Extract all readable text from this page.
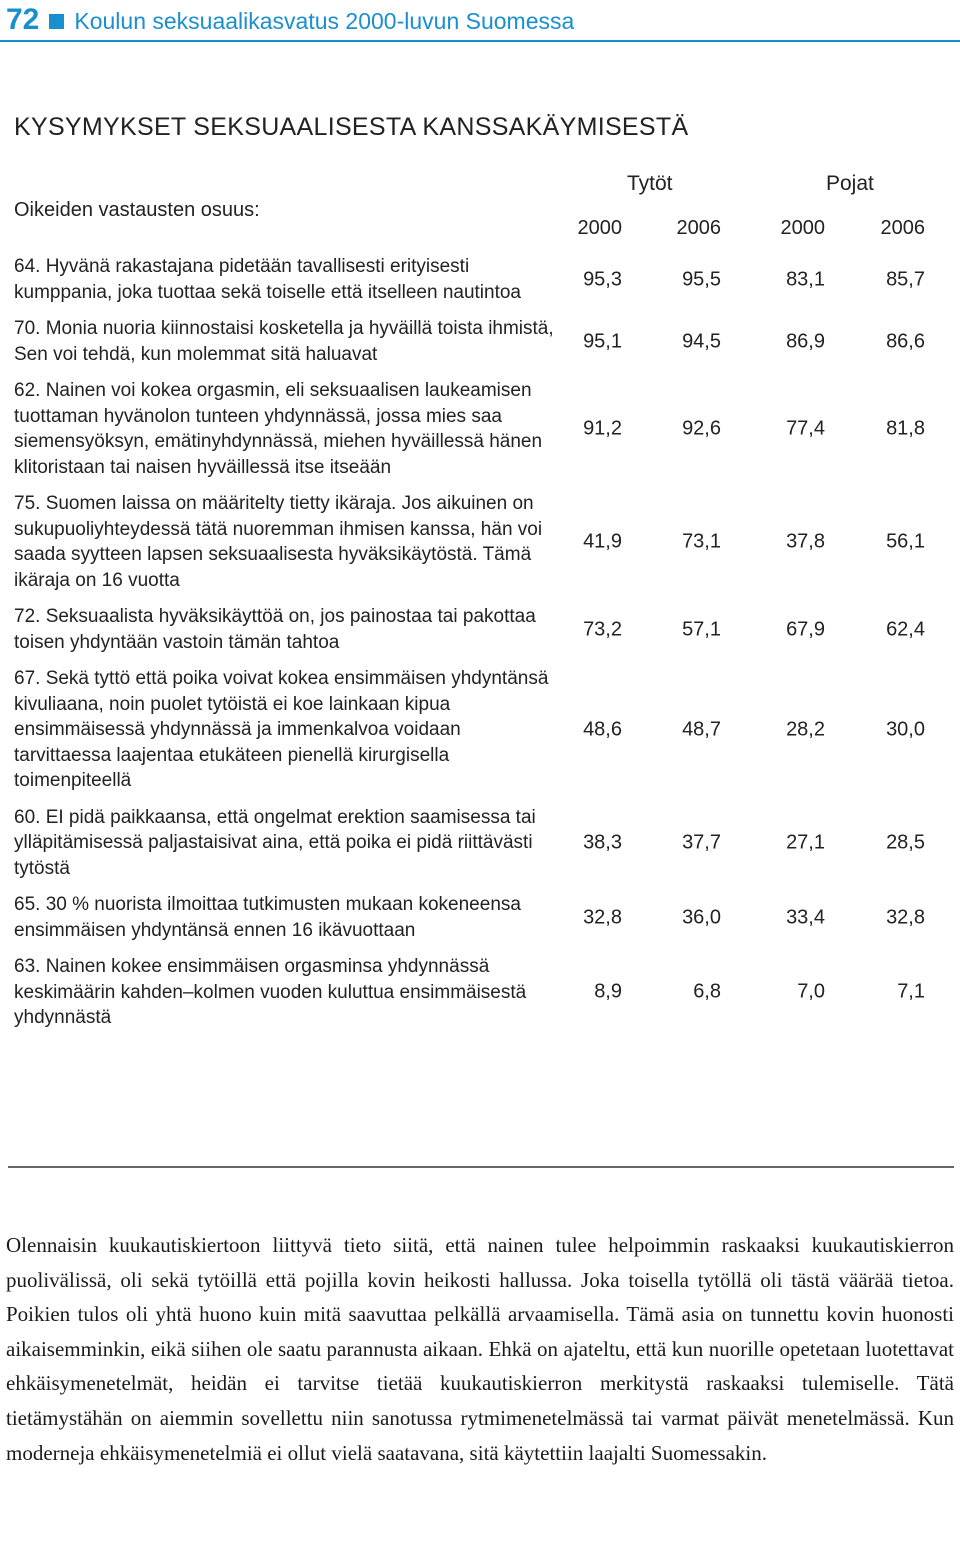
72 Koulun seksuaalikasvatus 2000-luvun Suomessa
KYSYMYKSET SEKSUAALISESTA KANSSAKÄYMISESTÄ
Tytöt	Pojat
Oikeiden vastausten osuus:
2000	2006	2000	2006
64. Hyvänä rakastajana pidetään tavallisesti erityisesti kumppania, joka tuottaa sekä toiselle että itselleen nautintoa
95,3	95,5	83,1	85,7
70. Monia nuoria kiinnostaisi kosketella ja hyväillä toista ihmistä, Sen voi tehdä, kun molemmat sitä haluavat
95,1	94,5	86,9	86,6
62. Nainen voi kokea orgasmin, eli seksuaalisen laukeamisen tuottaman hyvänolon tunteen yhdynnässä, jossa mies saa siemensyöksyn, emätinyhdynnässä, miehen hyväillessä hänen klitoristaan tai naisen hyväillessä itse itseään
91,2	92,6	77,4	81,8
75. Suomen laissa on määritelty tietty ikäraja. Jos aikuinen on sukupuoliyhteydessä tätä nuoremman ihmisen kanssa, hän voi saada syytteen lapsen seksuaalisesta hyväksikäytöstä. Tämä ikäraja on 16 vuotta
41,9	73,1	37,8	56,1
72. Seksuaalista hyväksikäyttöä on, jos painostaa tai pakottaa toisen yhdyntään vastoin tämän tahtoa
73,2	57,1	67,9	62,4
67. Sekä tyttö että poika voivat kokea ensimmäisen yhdyntänsä kivuliaana, noin puolet tytöistä ei koe lainkaan kipua ensimmäisessä yhdynnässä ja immenkalvoa voidaan tarvittaessa laajentaa etukäteen pienellä kirurgisella toimenpiteellä
48,6	48,7	28,2	30,0
60. EI pidä paikkaansa, että ongelmat erektion saamisessa tai ylläpitämisessä paljastaisivat aina, että poika ei pidä riittävästi tytöstä
38,3	37,7	27,1	28,5
65. 30 % nuorista ilmoittaa tutkimusten mukaan kokeneensa ensimmäisen yhdyntänsä ennen 16 ikävuottaan
32,8	36,0	33,4	32,8
63. Nainen kokee ensimmäisen orgasminsa yhdynnässä keskimäärin kahden–kolmen vuoden kuluttua ensimmäisestä yhdynnästä
8,9	6,8	7,0	7,1
Olennaisin kuukautiskiertoon liittyvä tieto siitä, että nainen tulee helpoimmin raskaaksi kuukautiskierron puolivälissä, oli sekä tytöillä että pojilla kovin heikosti hallussa. Joka toisella tytöllä oli tästä väärää tietoa. Poikien tulos oli yhtä huono kuin mitä saavuttaa pelkällä arvaamisella. Tämä asia on tunnettu kovin huonosti aikaisemminkin, eikä siihen ole saatu parannusta aikaan. Ehkä on ajateltu, että kun nuorille opetetaan luotettavat ehkäisymenetelmät, heidän ei tarvitse tietää kuukautiskierron merkitystä raskaaksi tulemiselle. Tätä tietämystähän on aiemmin sovellettu niin sanotussa rytmimenetelmässä tai varmat päivät menetelmässä. Kun moderneja ehkäisymenetelmiä ei ollut vielä saatavana, sitä käytettiin laajalti Suomessakin.
